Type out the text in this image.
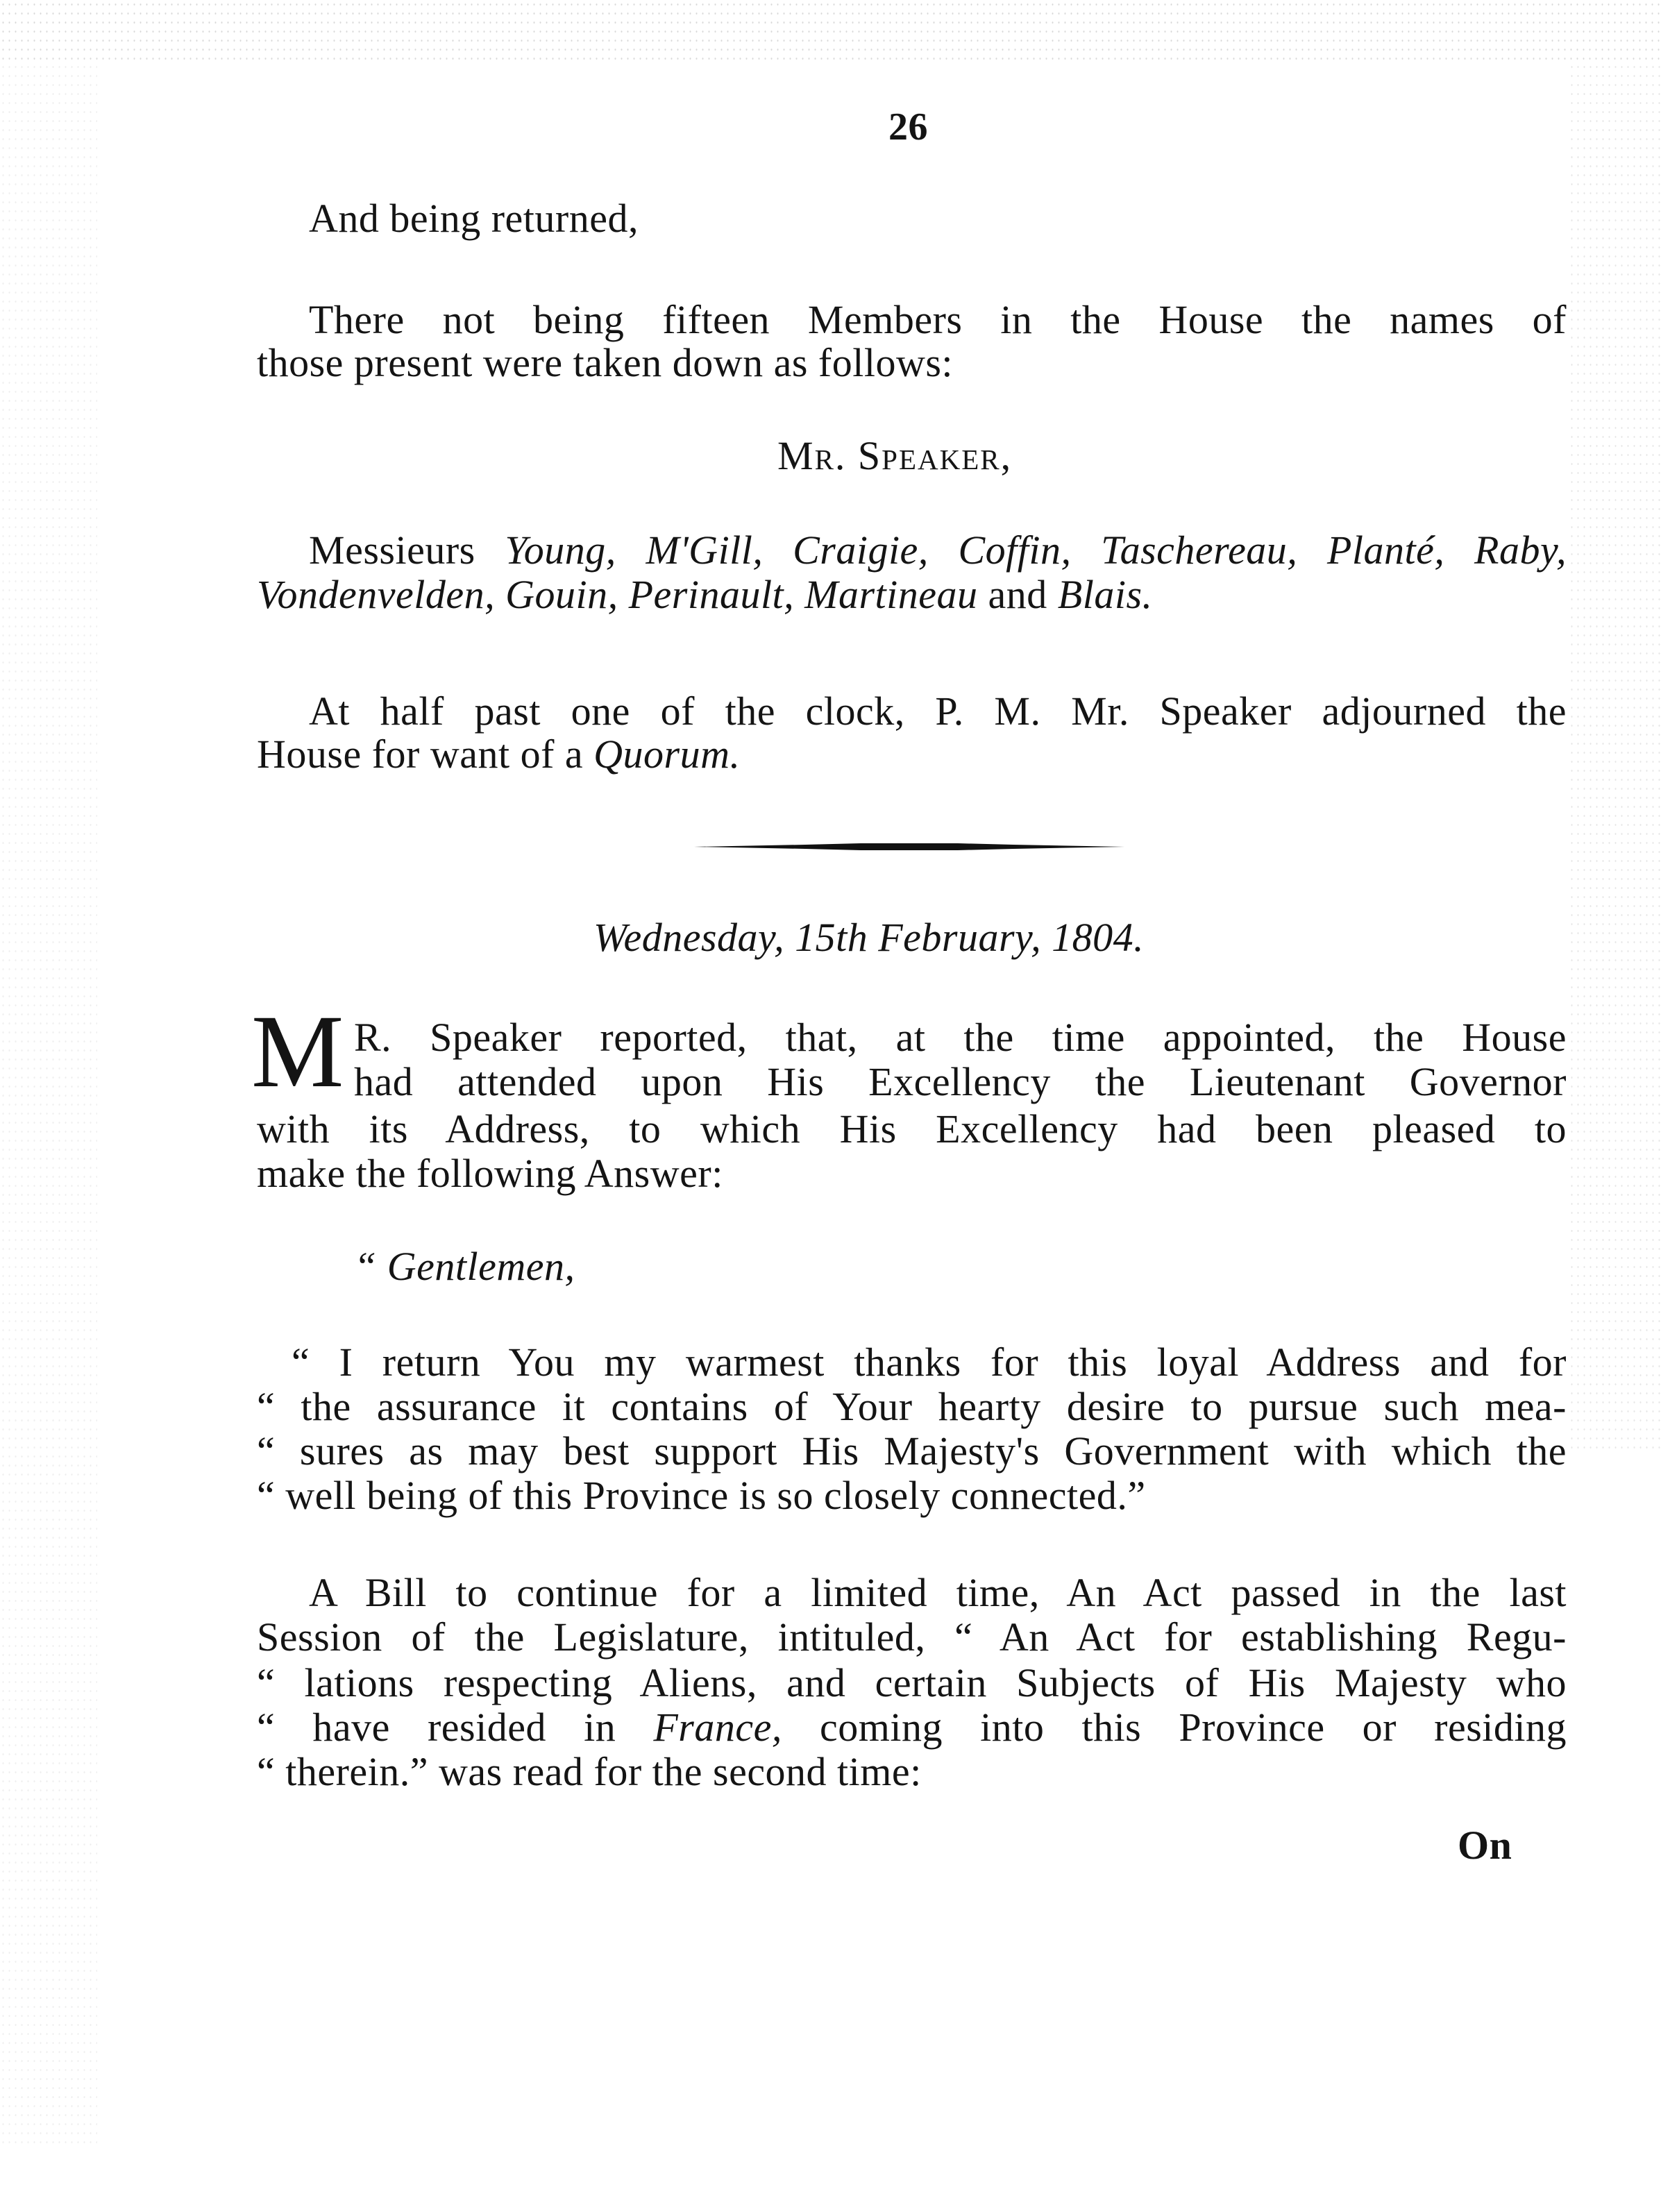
26
And being returned,
There not being fifteen Members in the House the names of
those present were taken down as follows:
Mr. Speaker,
Messieurs Young, M'Gill, Craigie, Coffin, Taschereau, Planté, Raby,
Vondenvelden, Gouin, Perinault, Martineau and Blais.
At half past one of the clock, P. M. Mr. Speaker adjourned the
House for want of a Quorum.
Wednesday, 15th February, 1804.
M R. Speaker reported, that, at the time appointed, the House
had attended upon His Excellency the Lieutenant Governor
with its Address, to which His Excellency had been pleased to
make the following Answer:
“ Gentlemen,
“ I return You my warmest thanks for this loyal Address and for
“ the assurance it contains of Your hearty desire to pursue such mea-
“ sures as may best support His Majesty's Government with which the
“ well being of this Province is so closely connected.”
A Bill to continue for a limited time, An Act passed in the last
Session of the Legislature, intituled, “ An Act for establishing Regu-
“ lations respecting Aliens, and certain Subjects of His Majesty who
“ have resided in France, coming into this Province or residing
“ therein.” was read for the second time:
On
